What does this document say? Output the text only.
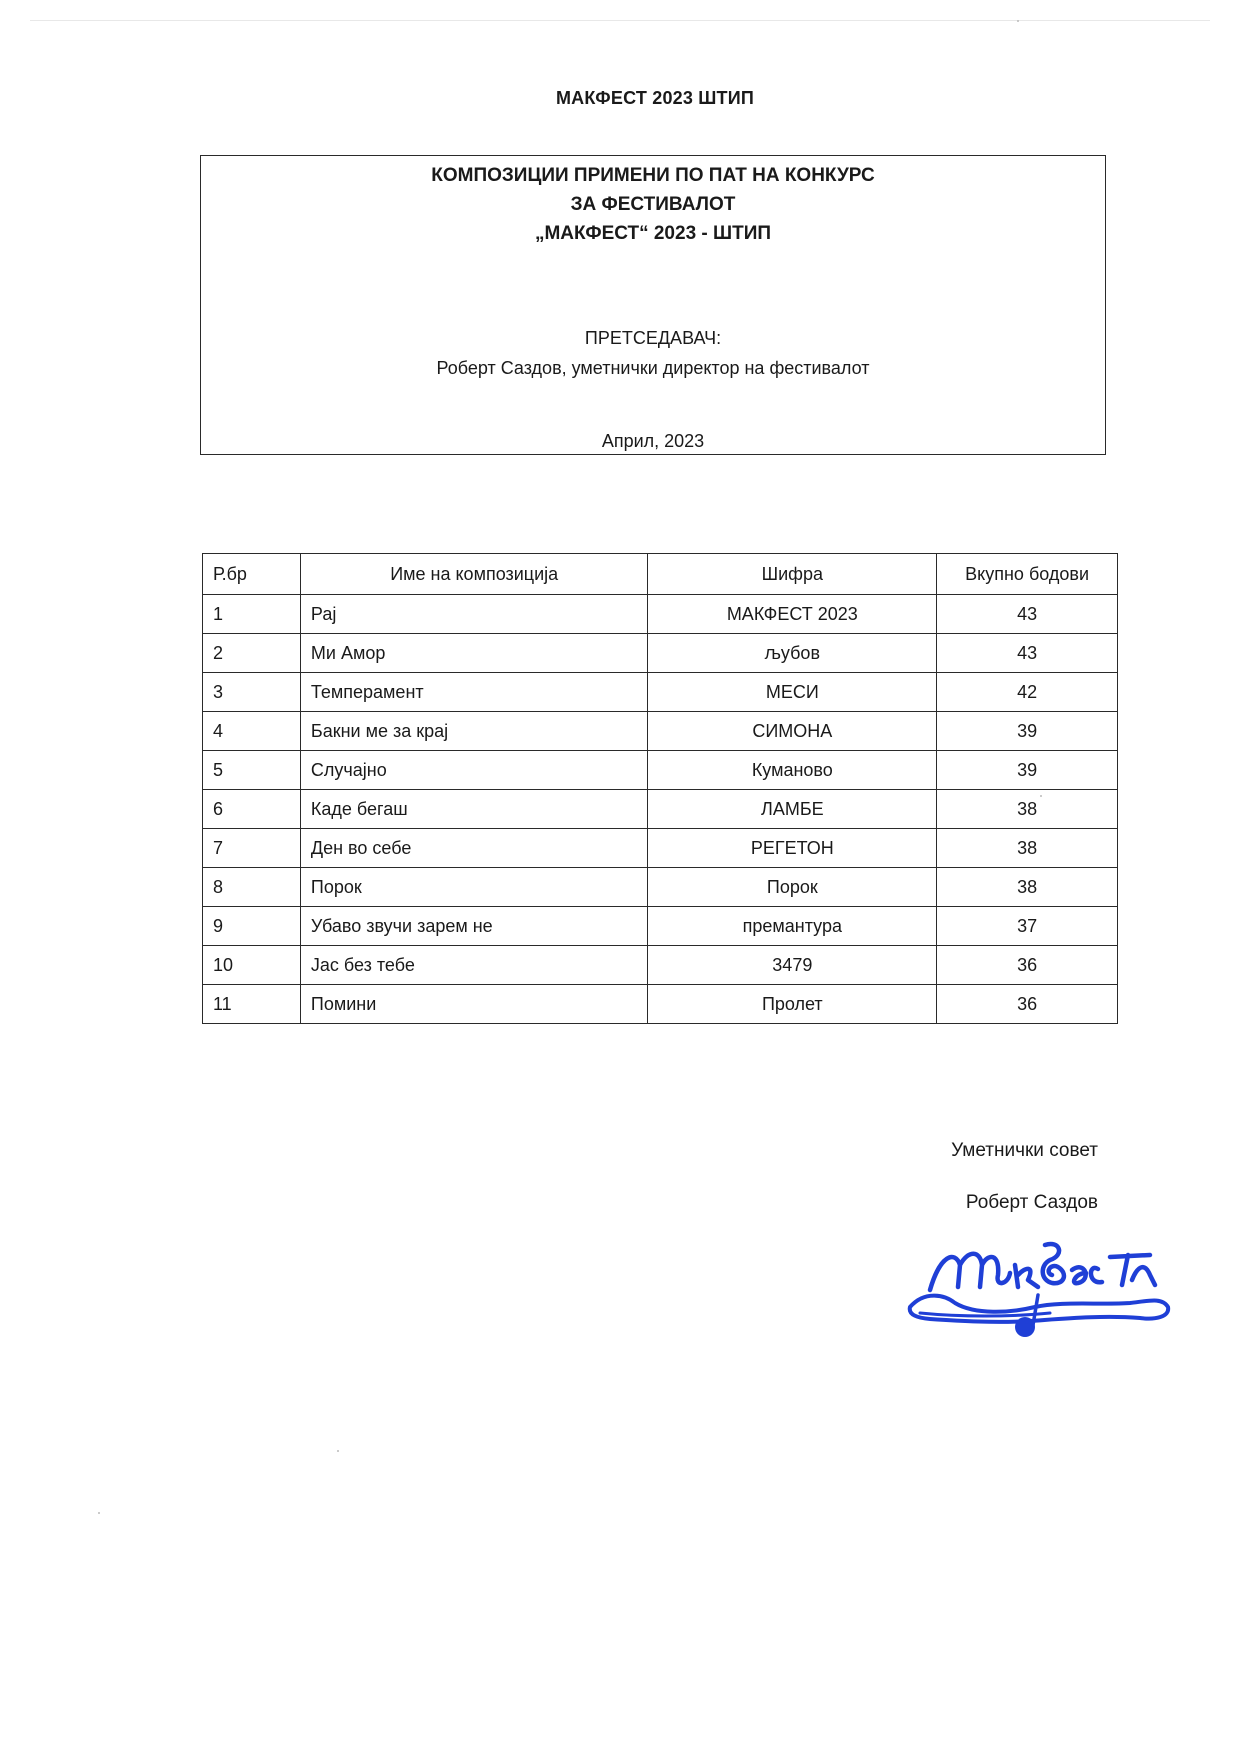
МАКФЕСТ 2023 ШТИП
КОМПОЗИЦИИ ПРИМЕНИ ПО ПАТ НА КОНКУРС
ЗА ФЕСТИВАЛОТ
„МАКФЕСТ“ 2023 - ШТИП
ПРЕТСЕДАВАЧ:
Роберт Саздов, уметнички директор на фестивалот
Април, 2023
Р.бр	Име на композиција	Шифра	Вкупно бодови
1	Рај	МАКФЕСТ 2023	43
2	Ми Амор	љубов	43
3	Темперамент	МЕСИ	42
4	Бакни ме за крај	СИМОНА	39
5	Случајно	Куманово	39
6	Каде бегаш	ЛАМБЕ	38
7	Ден во себе	РЕГЕТОН	38
8	Порок	Порок	38
9	Убаво звучи зарем не	премантура	37
10	Јас без тебе	3479	36
11	Помини	Пролет	36
Уметнички совет
Роберт Саздов
